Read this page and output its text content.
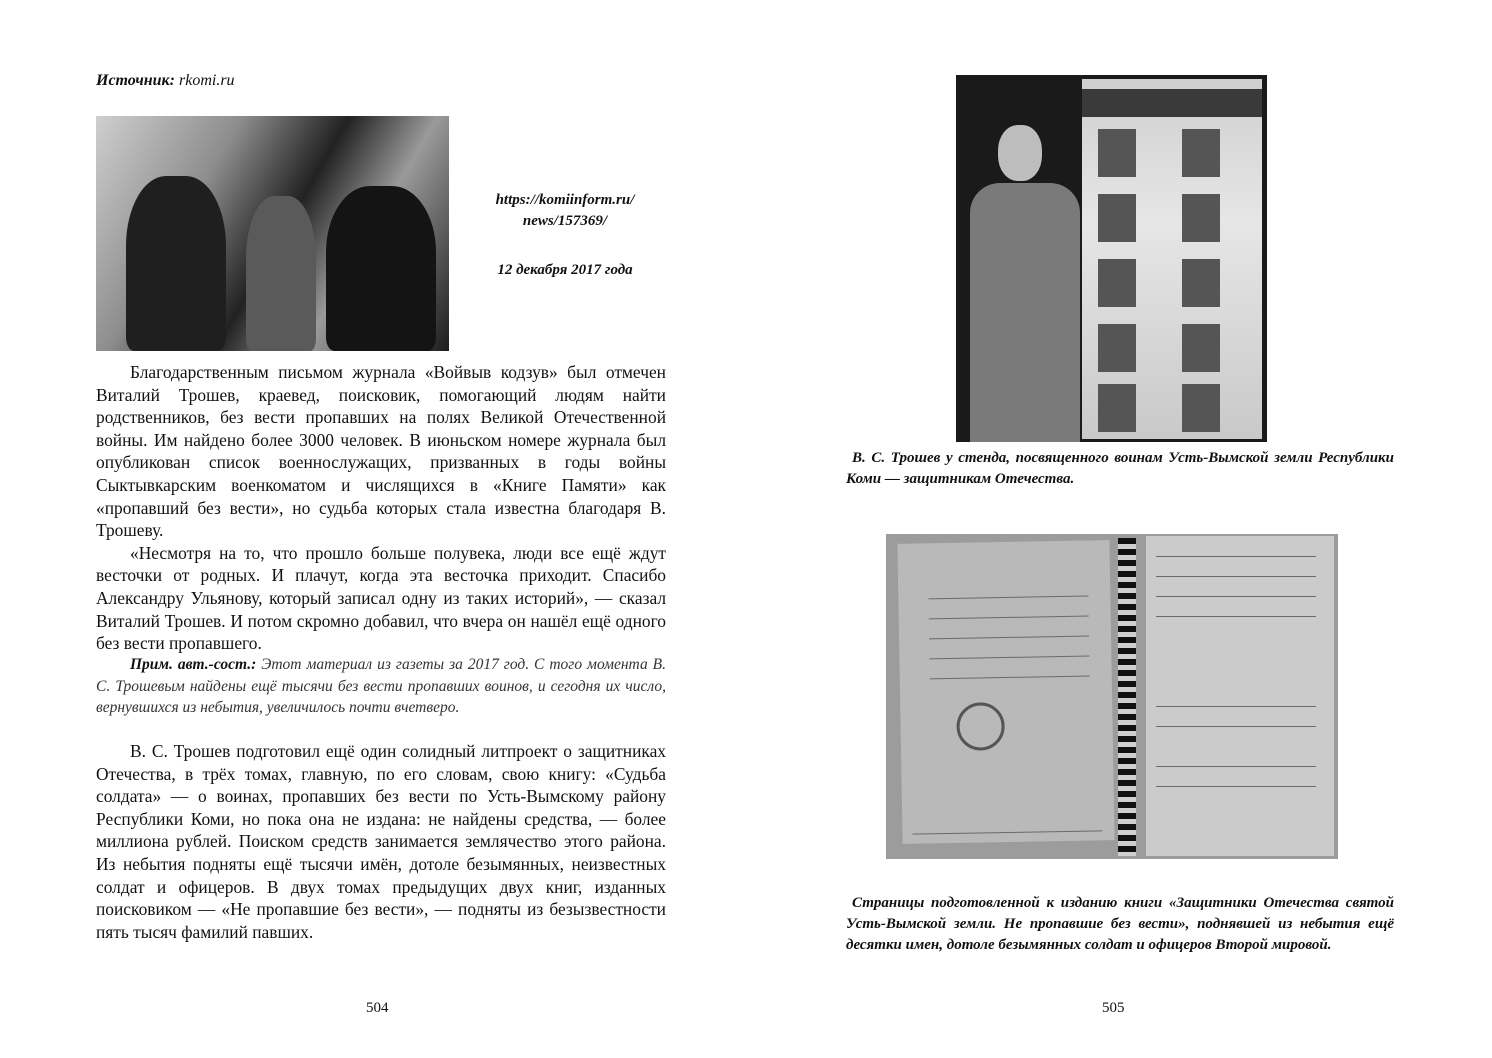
Источник: rkomi.ru
https://komiinform.ru/
news/157369/
12 декабря 2017 года

Благодарственным письмом журнала «Войвыв кодзув» был отмечен Виталий Трошев, краевед, поисковик, помогающий людям найти родственников, без вести пропавших на полях Великой Отечественной войны. Им найдено более 3000 человек. В июньском номере журнала был опубликован список военнослужащих, призванных в годы войны Сыктывкарским военкоматом и числящихся в «Книге Памяти» как «пропавший без вести», но судьба которых стала известна благодаря В. Трошеву.

«Несмотря на то, что прошло больше полувека, люди все ещё ждут весточки от родных. И плачут, когда эта весточка приходит. Спасибо Александру Ульянову, который записал одну из таких историй», — сказал Виталий Трошев. И потом скромно добавил, что вчера он нашёл ещё одного без вести пропавшего.

Прим. авт.-сост.: Этот материал из газеты за 2017 год. С того момента В. С. Трошевым найдены ещё тысячи без вести пропавших воинов, и сегодня их число, вернувшихся из небытия, увеличилось почти вчетверо.

В. С. Трошев подготовил ещё один солидный литпроект о защитниках Отечества, в трёх томах, главную, по его словам, свою книгу: «Судьба солдата» — о воинах, пропавших без вести по Усть-Вымскому району Республики Коми, но пока она не издана: не найдены средства, — более миллиона рублей. Поиском средств занимается землячество этого района. Из небытия подняты ещё тысячи имён, дотоле безымянных, неизвестных солдат и офицеров. В двух томах предыдущих двух книг, изданных поисковиком — «Не пропавшие без вести», — подняты из безызвестности пять тысяч фамилий павших.

504
В. С. Трошев у стенда, посвященного воинам Усть-Вымской земли Республики Коми — защитникам Отечества.
Страницы подготовленной к изданию книги «Защитники Отечества святой Усть-Вымской земли. Не пропавшие без вести», поднявшей из небытия ещё десятки имен, дотоле безымянных солдат и офицеров Второй мировой.
505
